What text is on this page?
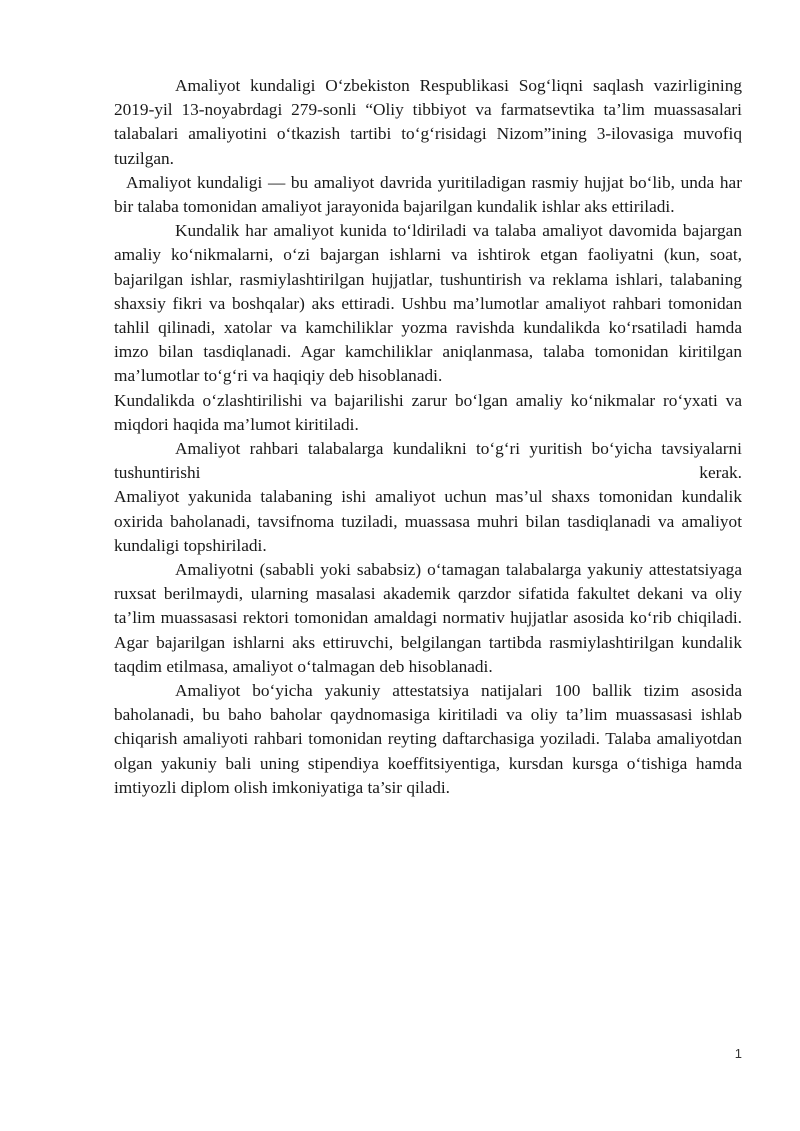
Amaliyot kundaligi O‘zbekiston Respublikasi Sog‘liqni saqlash vazirligining 2019-yil 13-noyabrdagi 279-sonli “Oliy tibbiyot va farmatsevtika ta’lim muassasalari talabalari amaliyotini o‘tkazish tartibi to‘g‘risidagi Nizom”ining 3-ilovasiga muvofiq tuzilgan.

Amaliyot kundaligi — bu amaliyot davrida yuritiladigan rasmiy hujjat bo‘lib, unda har bir talaba tomonidan amaliyot jarayonida bajarilgan kundalik ishlar aks ettiriladi.

Kundalik har amaliyot kunida to‘ldiriladi va talaba amaliyot davomida bajargan amaliy ko‘nikmalarni, o‘zi bajargan ishlarni va ishtirok etgan faoliyatni (kun, soat, bajarilgan ishlar, rasmiylashtirilgan hujjatlar, tushuntirish va reklama ishlari, talabaning shaxsiy fikri va boshqalar) aks ettiradi. Ushbu ma’lumotlar amaliyot rahbari tomonidan tahlil qilinadi, xatolar va kamchiliklar yozma ravishda kundalikda ko‘rsatiladi hamda imzo bilan tasdiqlanadi. Agar kamchiliklar aniqlanmasa, talaba tomonidan kiritilgan ma’lumotlar to‘g‘ri va haqiqiy deb hisoblanadi.

Kundalikda o‘zlashtirilishi va bajarilishi zarur bo‘lgan amaliy ko‘nikmalar ro‘yxati va miqdori haqida ma’lumot kiritiladi.

Amaliyot rahbari talabalarga kundalikni to‘g‘ri yuritish bo‘yicha tavsiyalarni tushuntirishi kerak.

Amaliyot yakunida talabaning ishi amaliyot uchun mas’ul shaxs tomonidan kundalik oxirida baholanadi, tavsifnoma tuziladi, muassasa muhri bilan tasdiqlanadi va amaliyot kundaligi topshiriladi.

Amaliyotni (sababli yoki sababsiz) o‘tamagan talabalarga yakuniy attestatsiyaga ruxsat berilmaydi, ularning masalasi akademik qarzdor sifatida fakultet dekani va oliy ta’lim muassasasi rektori tomonidan amaldagi normativ hujjatlar asosida ko‘rib chiqiladi.

Agar bajarilgan ishlarni aks ettiruvchi, belgilangan tartibda rasmiylashtirilgan kundalik taqdim etilmasa, amaliyot o‘talmagan deb hisoblanadi.

Amaliyot bo‘yicha yakuniy attestatsiya natijalari 100 ballik tizim asosida baholanadi, bu baho baholar qaydnomasiga kiritiladi va oliy ta’lim muassasasi ishlab chiqarish amaliyoti rahbari tomonidan reyting daftarchasiga yoziladi. Talaba amaliyotdan olgan yakuniy bali uning stipendiya koeffitsiyentiga, kursdan kursga o‘tishiga hamda imtiyozli diplom olish imkoniyatiga ta’sir qiladi.

1
